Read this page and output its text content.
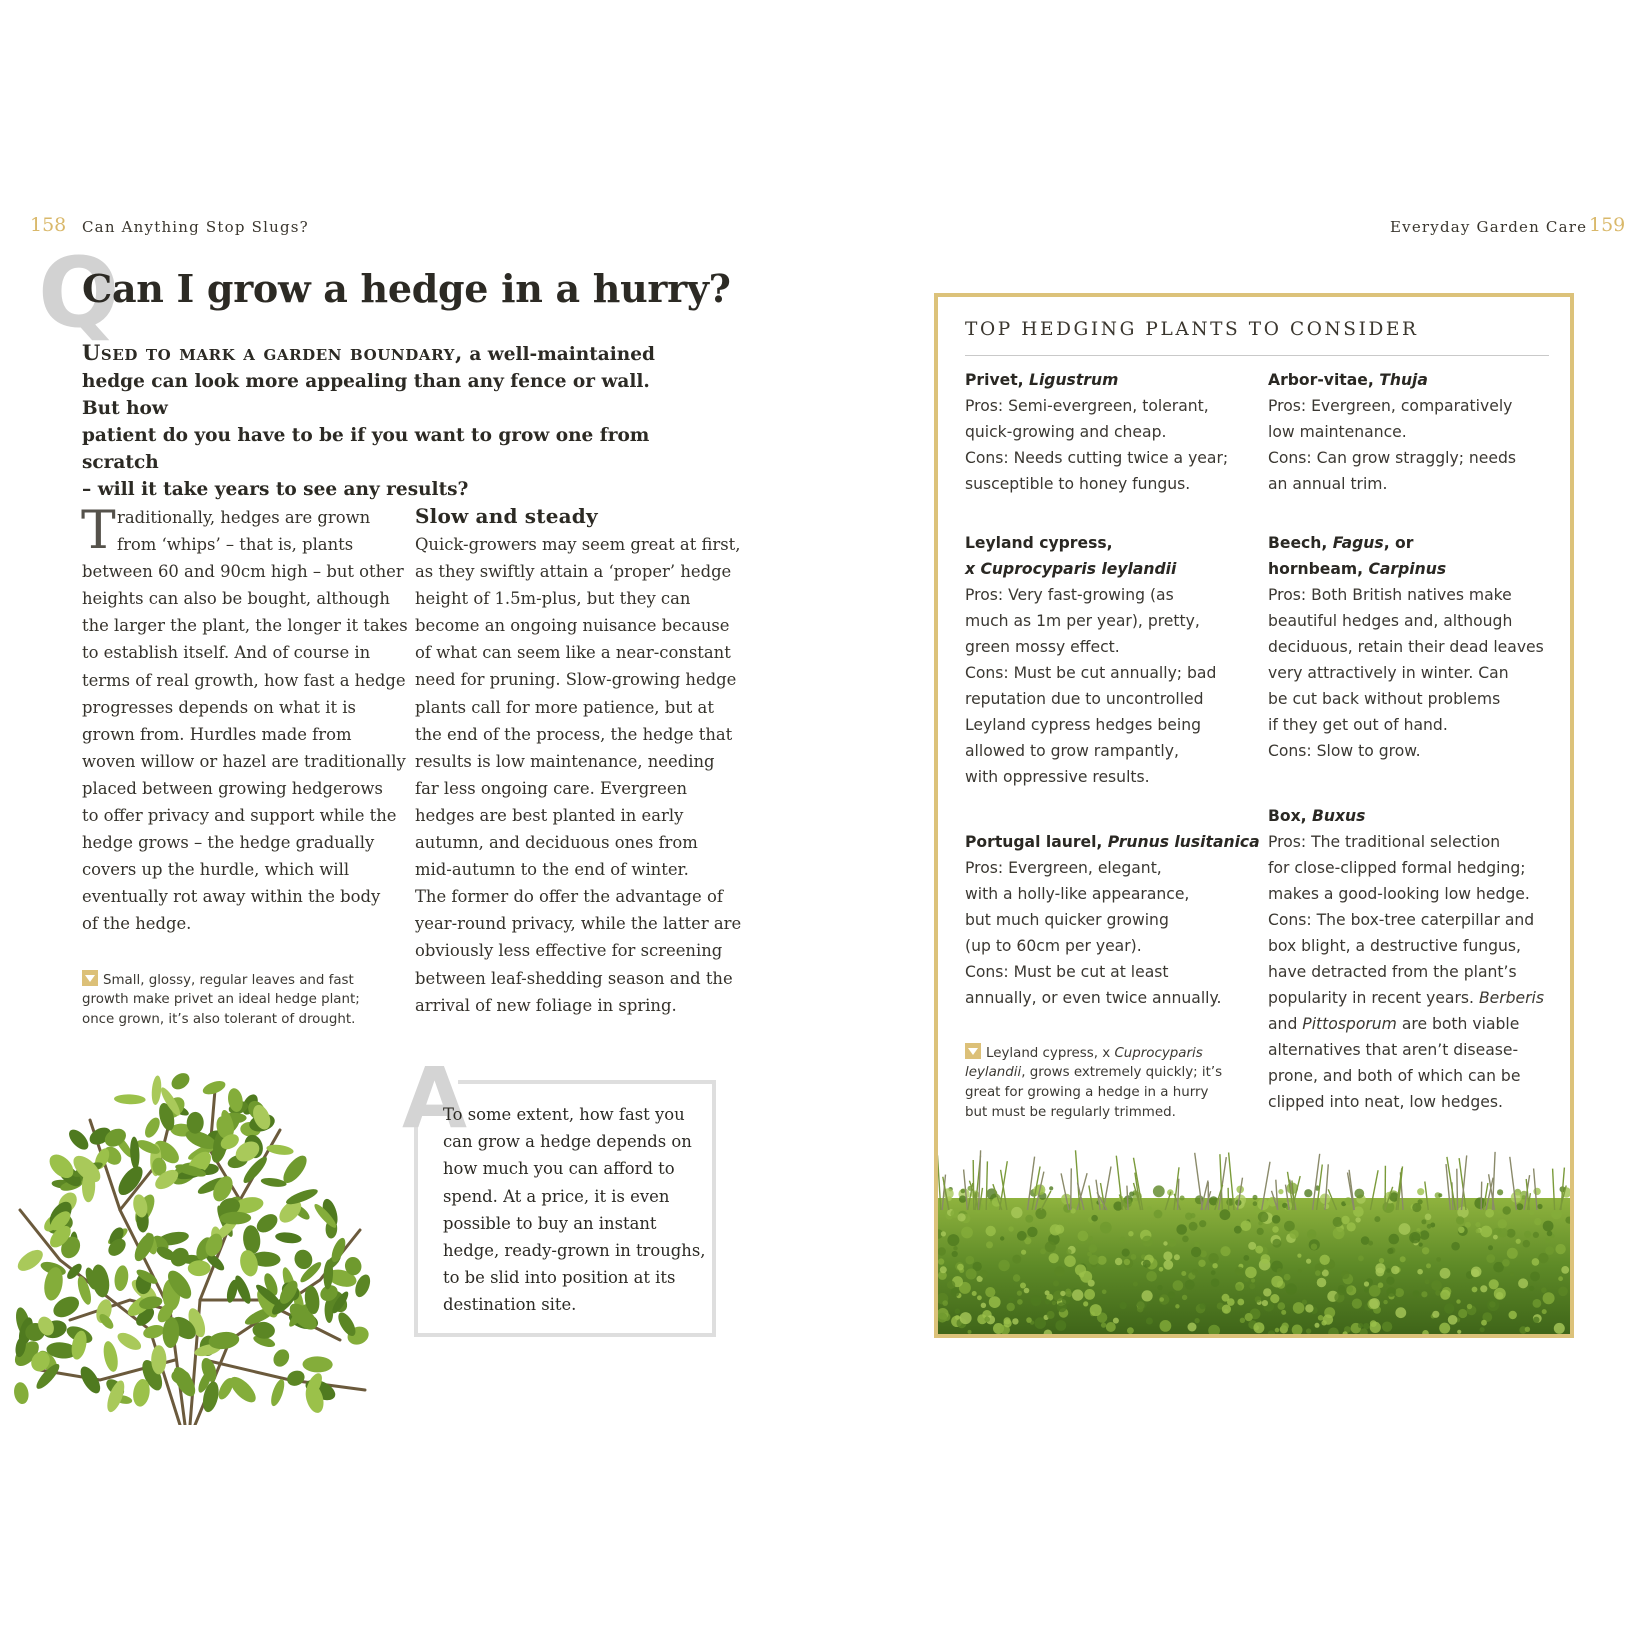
158 Can Anything Stop Slugs?
Q
Can I grow a hedge in a hurry?
Used to mark a garden boundary, a well-maintained
hedge can look more appealing than any fence or wall. But how
patient do you have to be if you want to grow one from scratch
– will it take years to see any results?
T raditionally, hedges are grown
from ‘whips’ – that is, plants
between 60 and 90cm high – but other
heights can also be bought, although
the larger the plant, the longer it takes
to establish itself. And of course in
terms of real growth, how fast a hedge
progresses depends on what it is
grown from. Hurdles made from
woven willow or hazel are traditionally
placed between growing hedgerows
to offer privacy and support while the
hedge grows – the hedge gradually
covers up the hurdle, which will
eventually rot away within the body
of the hedge.
Small, glossy, regular leaves and fast
growth make privet an ideal hedge plant;
once grown, it’s also tolerant of drought.
Slow and steady
Quick-growers may seem great at first,
as they swiftly attain a ‘proper’ hedge
height of 1.5m-plus, but they can
become an ongoing nuisance because
of what can seem like a near-constant
need for pruning. Slow-growing hedge
plants call for more patience, but at
the end of the process, the hedge that
results is low maintenance, needing
far less ongoing care. Evergreen
hedges are best planted in early
autumn, and deciduous ones from
mid-autumn to the end of winter.
The former do offer the advantage of
year-round privacy, while the latter are
obviously less effective for screening
between leaf-shedding season and the
arrival of new foliage in spring.
A
To some extent, how fast you
can grow a hedge depends on
how much you can afford to
spend. At a price, it is even
possible to buy an instant
hedge, ready-grown in troughs,
to be slid into position at its
destination site.
Everyday Garden Care 159
TOP HEDGING PLANTS TO CONSIDER
Privet, Ligustrum
Pros: Semi-evergreen, tolerant,
quick-growing and cheap.
Cons: Needs cutting twice a year;
susceptible to honey fungus.
Leyland cypress,
x Cuprocyparis leylandii
Pros: Very fast-growing (as
much as 1m per year), pretty,
green mossy effect.
Cons: Must be cut annually; bad
reputation due to uncontrolled
Leyland cypress hedges being
allowed to grow rampantly,
with oppressive results.
Portugal laurel, Prunus lusitanica
Pros: Evergreen, elegant,
with a holly-like appearance,
but much quicker growing
(up to 60cm per year).
Cons: Must be cut at least
annually, or even twice annually.
Leyland cypress, x Cuprocyparis
leylandii, grows extremely quickly; it’s
great for growing a hedge in a hurry
but must be regularly trimmed.
Arbor-vitae, Thuja
Pros: Evergreen, comparatively
low maintenance.
Cons: Can grow straggly; needs
an annual trim.
Beech, Fagus, or
hornbeam, Carpinus
Pros: Both British natives make
beautiful hedges and, although
deciduous, retain their dead leaves
very attractively in winter. Can
be cut back without problems
if they get out of hand.
Cons: Slow to grow.
Box, Buxus
Pros: The traditional selection
for close-clipped formal hedging;
makes a good-looking low hedge.
Cons: The box-tree caterpillar and
box blight, a destructive fungus,
have detracted from the plant’s
popularity in recent years. Berberis
and Pittosporum are both viable
alternatives that aren’t disease-
prone, and both of which can be
clipped into neat, low hedges.
